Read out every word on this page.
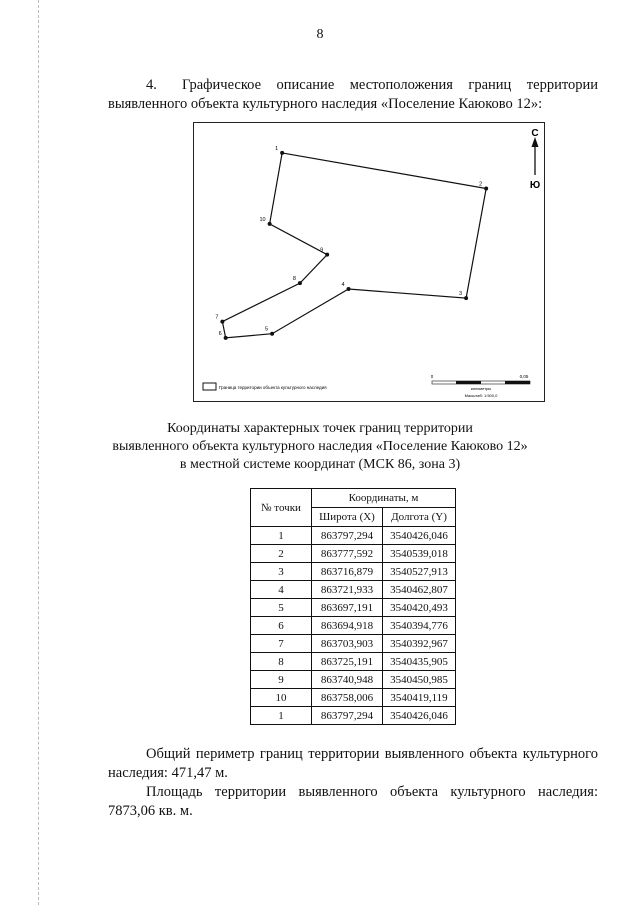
8
4. Графическое описание местоположения границ территории выявленного объекта культурного наследия «Поселение Каюково 12»:
1
2
3
4
5
6
7
8
9
10
С
Ю
Граница территории объекта культурного наследия
0	0,05
километры
Масштаб: 1:500,0
Координаты характерных точек границ территории
выявленного объекта культурного наследия «Поселение Каюково 12»
в местной системе координат (МСК 86, зона 3)
№ точки	Координаты, м	
	Широта (X)	Долгота (Y)
1	863797,294	3540426,046
2	863777,592	3540539,018
3	863716,879	3540527,913
4	863721,933	3540462,807
5	863697,191	3540420,493
6	863694,918	3540394,776
7	863703,903	3540392,967
8	863725,191	3540435,905
9	863740,948	3540450,985
10	863758,006	3540419,119
1	863797,294	3540426,046

Общий периметр границ территории выявленного объекта культурного наследия: 471,47 м.

Площадь территории выявленного объекта культурного наследия: 7873,06 кв. м.
